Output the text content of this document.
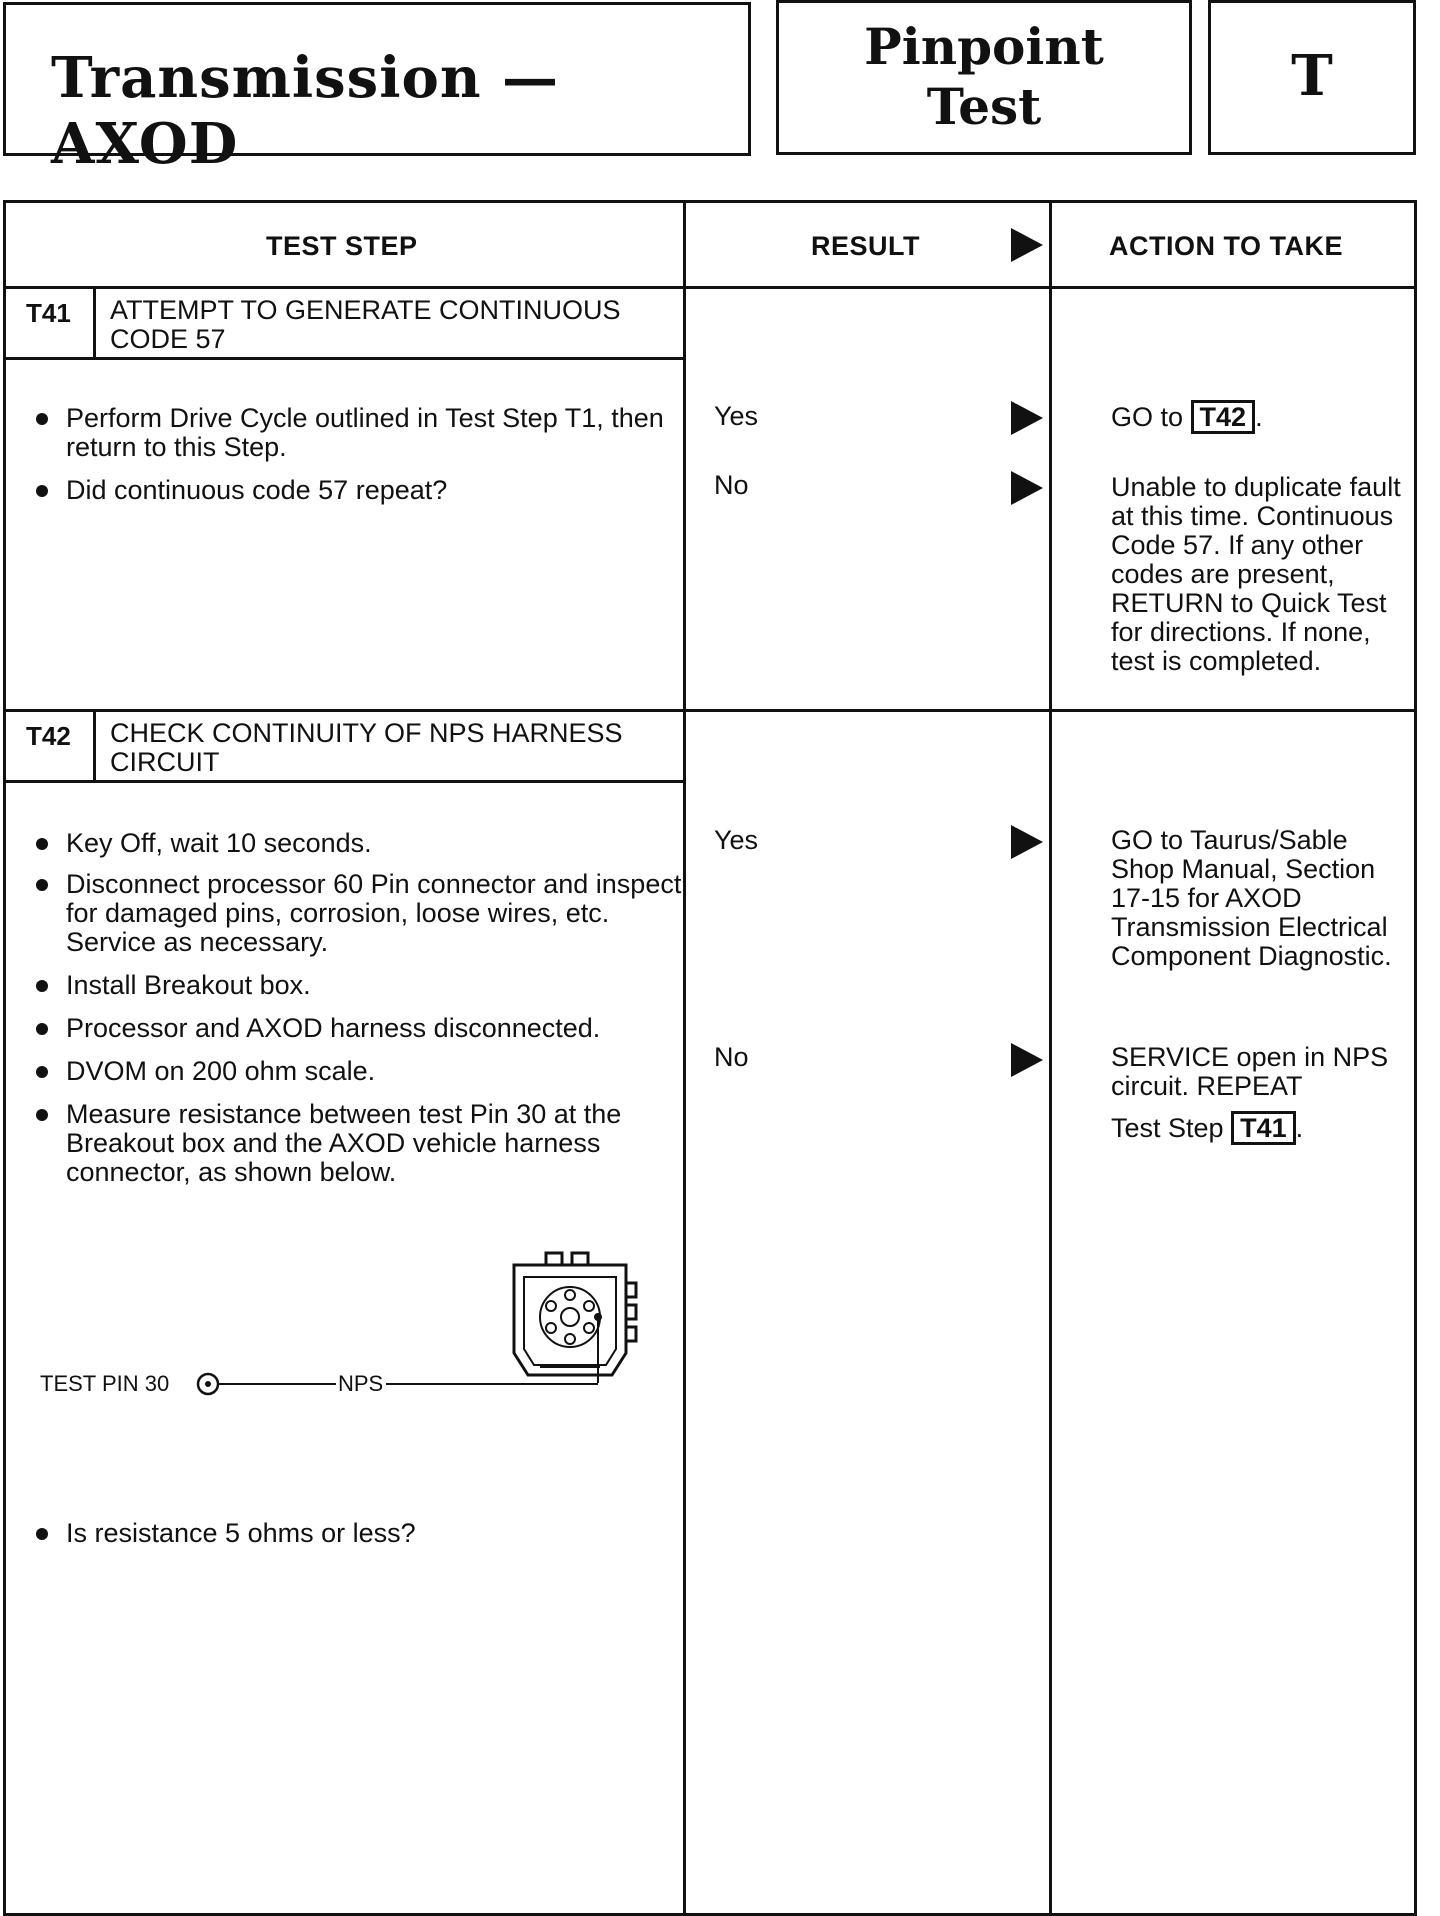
Transmission — AXOD
Pinpoint
Test	T
TEST STEP	RESULT	ACTION TO TAKE
T41 ATTEMPT TO GENERATE CONTINUOUS CODE 57
Perform Drive Cycle outlined in Test Step T1, then return to this Step.
Did continuous code 57 repeat?
Yes	GO to T42 .
No	Unable to duplicate fault at this time. Continuous Code 57. If any other codes are present, RETURN to Quick Test for directions. If none, test is completed.
T42 CHECK CONTINUITY OF NPS HARNESS CIRCUIT
Key Off, wait 10 seconds.
Disconnect processor 60 Pin connector and inspect for damaged pins, corrosion, loose wires, etc. Service as necessary.
Install Breakout box.
Processor and AXOD harness disconnected.
DVOM on 200 ohm scale.
Measure resistance between test Pin 30 at the Breakout box and the AXOD vehicle harness connector, as shown below.
TEST PIN 30	NPS
Is resistance 5 ohms or less?
Yes	GO to Taurus/Sable Shop Manual, Section 17-15 for AXOD Transmission Electrical Component Diagnostic.
No	SERVICE open in NPS circuit. REPEAT
Test Step T41 .
